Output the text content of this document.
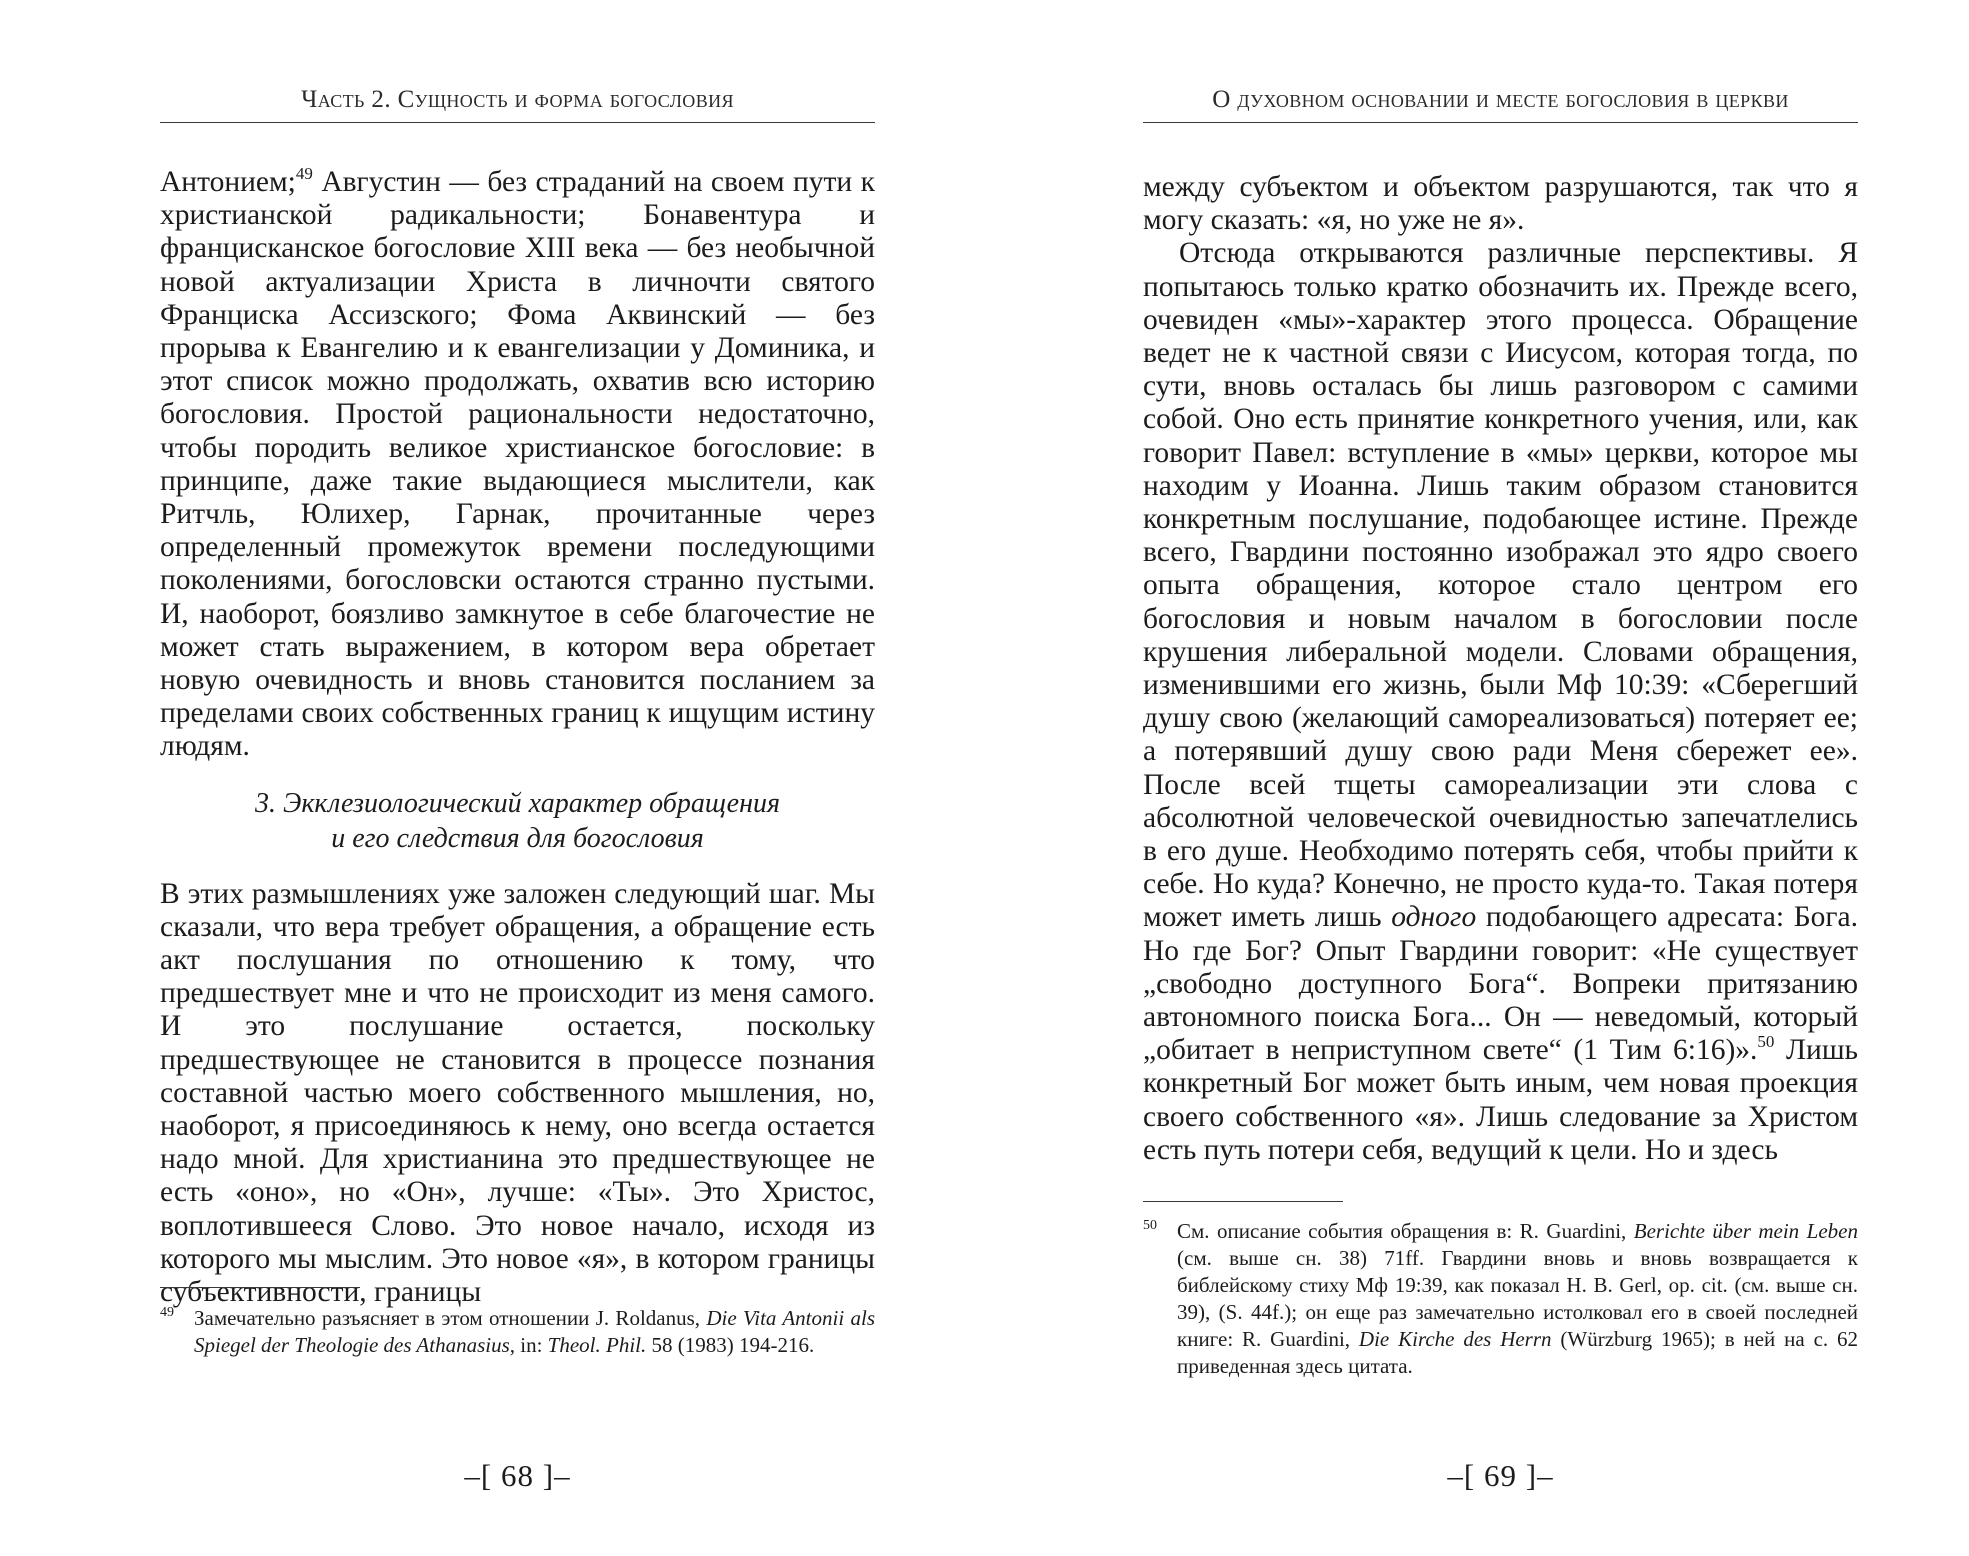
Часть 2. Сущность и форма богословия

Антонием;$^{49}$ Августин — без страданий на своем пути к христианской радикальности; Бонавентура и францисканское богословие XIII века — без необычной новой актуализации Христа в личночти святого Франциска Ассизского; Фома Аквинский — без прорыва к Евангелию и к евангелизации у Доминика, и этот список можно продолжать, охватив всю историю богословия. Простой рациональности недостаточно, чтобы породить великое христианское богословие: в принципе, даже такие выдающиеся мыслители, как Ритчль, Юлихер, Гарнак, прочитанные через определенный промежуток времени последующими поколениями, богословски остаются странно пустыми. И, наоборот, боязливо замкнутое в себе благочестие не может стать выражением, в котором вера обретает новую очевидность и вновь становится посланием за пределами своих собственных границ к ищущим истину людям.

3. Экклезиологический характер обращения
и его следствия для богословия

В этих размышлениях уже заложен следующий шаг. Мы сказали, что вера требует обращения, а обращение есть акт послушания по отношению к тому, что предшествует мне и что не происходит из меня самого. И это послушание остается, поскольку предшествующее не становится в процессе познания составной частью моего собственного мышления, но, наоборот, я присоединяюсь к нему, оно всегда остается надо мной. Для христианина это предшествующее не есть «оно», но «Он», лучше: «Ты». Это Христос, воплотившееся Слово. Это новое начало, исходя из которого мы мыслим. Это новое «я», в котором границы субъективности, границы

$^{49}$ Замечательно разъясняет в этом отношении J. Roldanus, Die Vita Antonii als Spiegel der Theologie des Athanasius, in: Theol. Phil. 58 (1983) 194-216.
–[ 68 ]–
О духовном основании и месте богословия в церкви

между субъектом и объектом разрушаются, так что я могу сказать: «я, но уже не я».

Отсюда открываются различные перспективы. Я попытаюсь только кратко обозначить их. Прежде всего, очевиден «мы»-характер этого процесса. Обращение ведет не к частной связи с Иисусом, которая тогда, по сути, вновь осталась бы лишь разговором с самими собой. Оно есть принятие конкретного учения, или, как говорит Павел: вступление в «мы» церкви, которое мы находим у Иоанна. Лишь таким образом становится конкретным послушание, подобающее истине. Прежде всего, Гвардини постоянно изображал это ядро своего опыта обращения, которое стало центром его богословия и новым началом в богословии после крушения либеральной модели. Словами обращения, изменившими его жизнь, были Мф 10:39: «Сберегший душу свою (желающий самореализоваться) потеряет ее; а потерявший душу свою ради Меня сбережет ее». После всей тщеты самореализации эти слова с абсолютной человеческой очевидностью запечатлелись в его душе. Необходимо потерять себя, чтобы прийти к себе. Но куда? Конечно, не просто куда-то. Такая потеря может иметь лишь одного подобающего адресата: Бога. Но где Бог? Опыт Гвардини говорит: «Не существует „свободно доступного Бога“. Вопреки притязанию автономного поиска Бога... Он — неведомый, который „обитает в неприступном свете“ (1 Тим 6:16)».$^{50}$ Лишь конкретный Бог может быть иным, чем новая проекция своего собственного «я». Лишь следование за Христом есть путь потери себя, ведущий к цели. Но и здесь

$^{50}$ См. описание события обращения в: R. Guardini, Berichte über mein Leben (см. выше сн. 38) 71ff. Гвардини вновь и вновь возвращается к библейскому стиху Мф 19:39, как показал H. B. Gerl, op. cit. (см. выше сн. 39), (S. 44f.); он еще раз замечательно истолковал его в своей последней книге: R. Guardini, Die Kirche des Herrn (Würzburg 1965); в ней на с. 62 приведенная здесь цитата.
–[ 69 ]–
